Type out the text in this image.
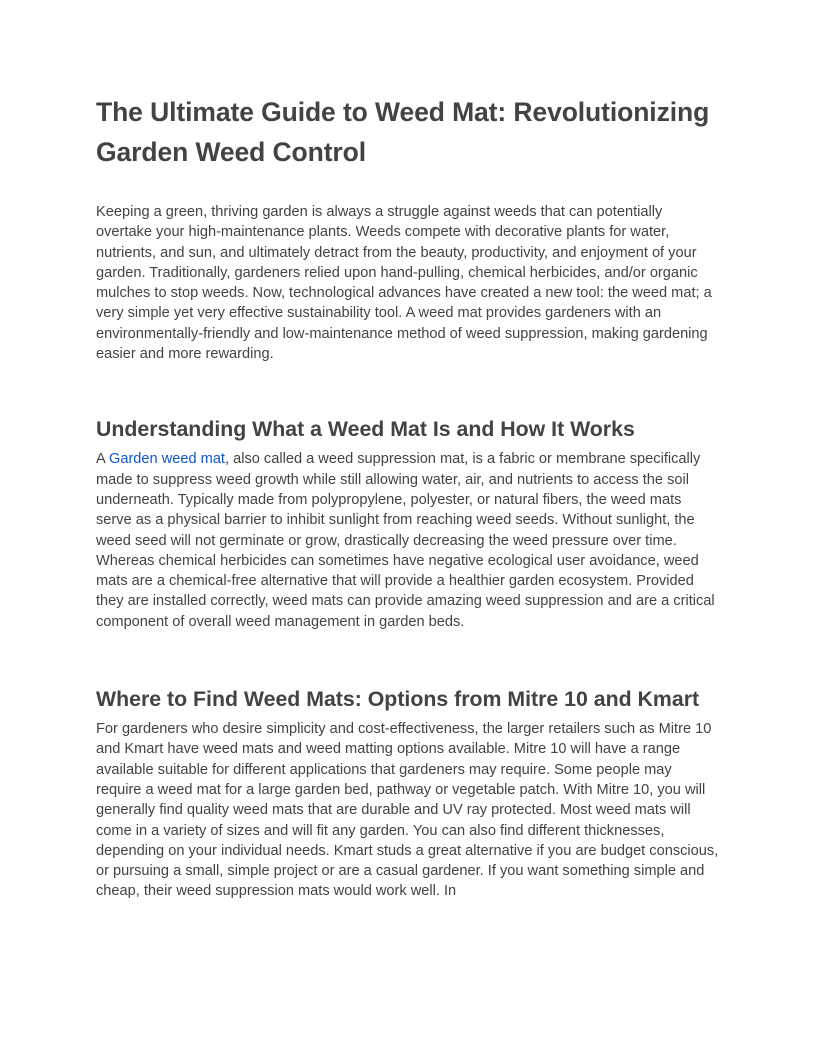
The Ultimate Guide to Weed Mat: Revolutionizing Garden Weed Control

Keeping a green, thriving garden is always a struggle against weeds that can potentially overtake your high-maintenance plants. Weeds compete with decorative plants for water, nutrients, and sun, and ultimately detract from the beauty, productivity, and enjoyment of your garden. Traditionally, gardeners relied upon hand-pulling, chemical herbicides, and/or organic mulches to stop weeds. Now, technological advances have created a new tool: the weed mat; a very simple yet very effective sustainability tool. A weed mat provides gardeners with an environmentally-friendly and low-maintenance method of weed suppression, making gardening easier and more rewarding.

Understanding What a Weed Mat Is and How It Works

A Garden weed mat, also called a weed suppression mat, is a fabric or membrane specifically made to suppress weed growth while still allowing water, air, and nutrients to access the soil underneath. Typically made from polypropylene, polyester, or natural fibers, the weed mats serve as a physical barrier to inhibit sunlight from reaching weed seeds. Without sunlight, the weed seed will not germinate or grow, drastically decreasing the weed pressure over time. Whereas chemical herbicides can sometimes have negative ecological user avoidance, weed mats are a chemical-free alternative that will provide a healthier garden ecosystem. Provided they are installed correctly, weed mats can provide amazing weed suppression and are a critical component of overall weed management in garden beds.

Where to Find Weed Mats: Options from Mitre 10 and Kmart

For gardeners who desire simplicity and cost-effectiveness, the larger retailers such as Mitre 10 and Kmart have weed mats and weed matting options available. Mitre 10 will have a range available suitable for different applications that gardeners may require. Some people may require a weed mat for a large garden bed, pathway or vegetable patch. With Mitre 10, you will generally find quality weed mats that are durable and UV ray protected. Most weed mats will come in a variety of sizes and will fit any garden. You can also find different thicknesses, depending on your individual needs. Kmart studs a great alternative if you are budget conscious, or pursuing a small, simple project or are a casual gardener. If you want something simple and cheap, their weed suppression mats would work well. In
